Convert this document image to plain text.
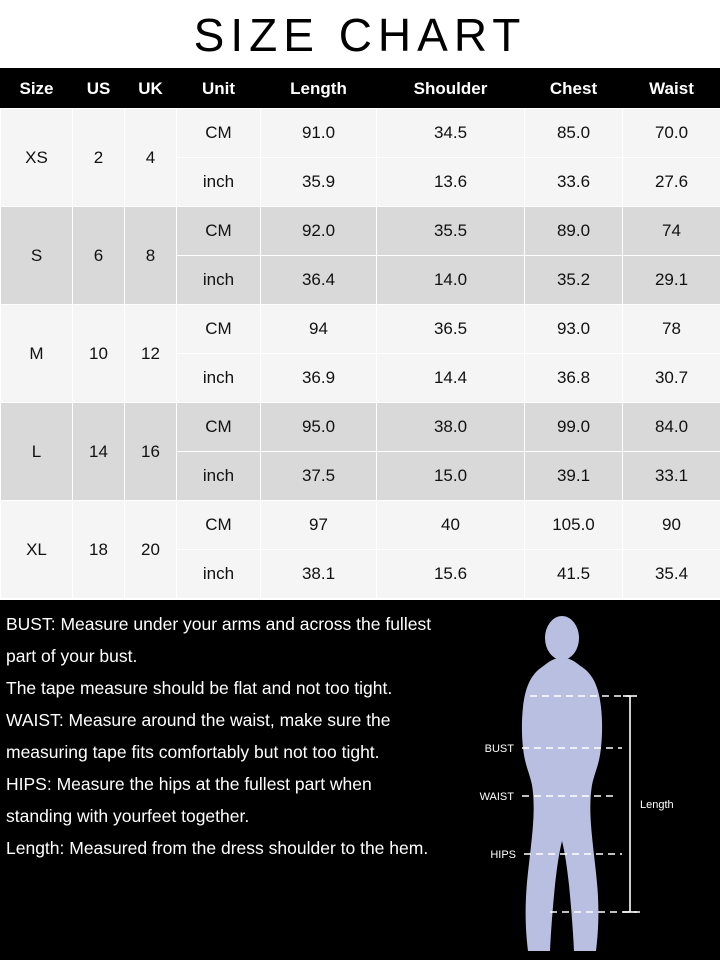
SIZE CHART
Size	US	UK	Unit	Length	Shoulder	Chest	Waist
XS	2	4	CM	91.0	34.5	85.0	70.0
			inch	35.9	13.6	33.6	27.6
S	6	8	CM	92.0	35.5	89.0	74
			inch	36.4	14.0	35.2	29.1
M	10	12	CM	94	36.5	93.0	78
			inch	36.9	14.4	36.8	30.7
L	14	16	CM	95.0	38.0	99.0	84.0
			inch	37.5	15.0	39.1	33.1
XL	18	20	CM	97	40	105.0	90
			inch	38.1	15.6	41.5	35.4

BUST: Measure under your arms and across the fullest part of your bust.

The tape measure should be flat and not too tight.

WAIST: Measure around the waist, make sure the measuring tape fits comfortably but not too tight.

HIPS: Measure the hips at the fullest part when standing with yourfeet together.

Length: Measured from the dress shoulder to the hem.

BUST
WAIST
HIPS
Length
